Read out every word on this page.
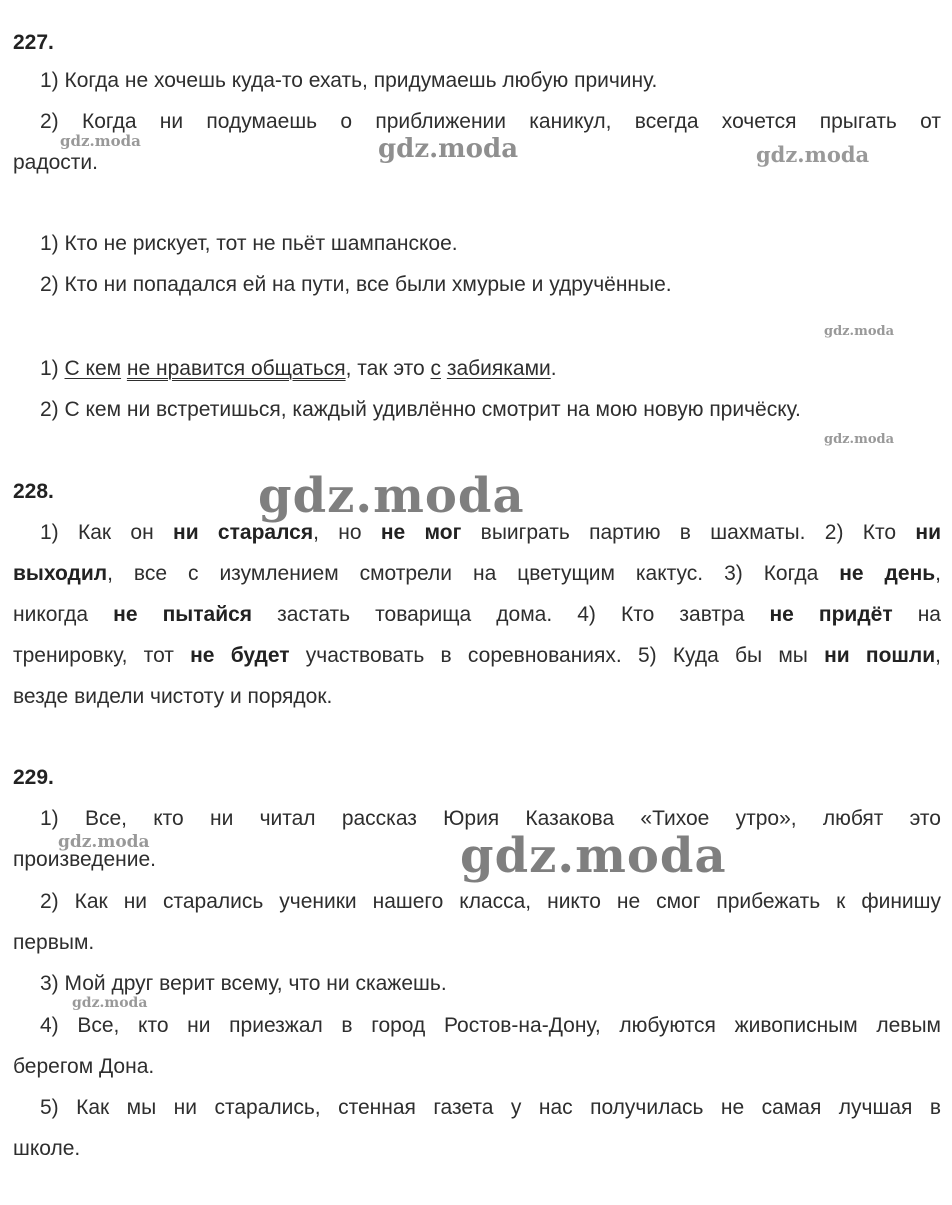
227.
1) Когда не хочешь куда-то ехать, придумаешь любую причину.
2) Когда ни подумаешь о приближении каникул, всегда хочется прыгать от
радости.
1) Кто не рискует, тот не пьёт шампанское.
2) Кто ни попадался ей на пути, все были хмурые и удручённые.
1) С кем не нравится общаться, так это с забияками.
2) С кем ни встретишься, каждый удивлённо смотрит на мою новую причёску.
228.
1) Как он ни старался, но не мог выиграть партию в шахматы. 2) Кто ни
выходил, все с изумлением смотрели на цветущим кактус. 3) Когда не день,
никогда не пытайся застать товарища дома. 4) Кто завтра не придёт на
тренировку, тот не будет участвовать в соревнованиях. 5) Куда бы мы ни пошли,
везде видели чистоту и порядок.
229.
1) Все, кто ни читал рассказ Юрия Казакова «Тихое утро», любят это
произведение.
2) Как ни старались ученики нашего класса, никто не смог прибежать к финишу
первым.
3) Мой друг верит всему, что ни скажешь.
4) Все, кто ни приезжал в город Ростов-на-Дону, любуются живописным левым
берегом Дона.
5) Как мы ни старались, стенная газета у нас получилась не самая лучшая в
школе.
gdz.moda	gdz.moda	gdz.moda
gdz.moda
gdz.moda
gdz.moda
gdz.moda	gdz.moda
gdz.moda
